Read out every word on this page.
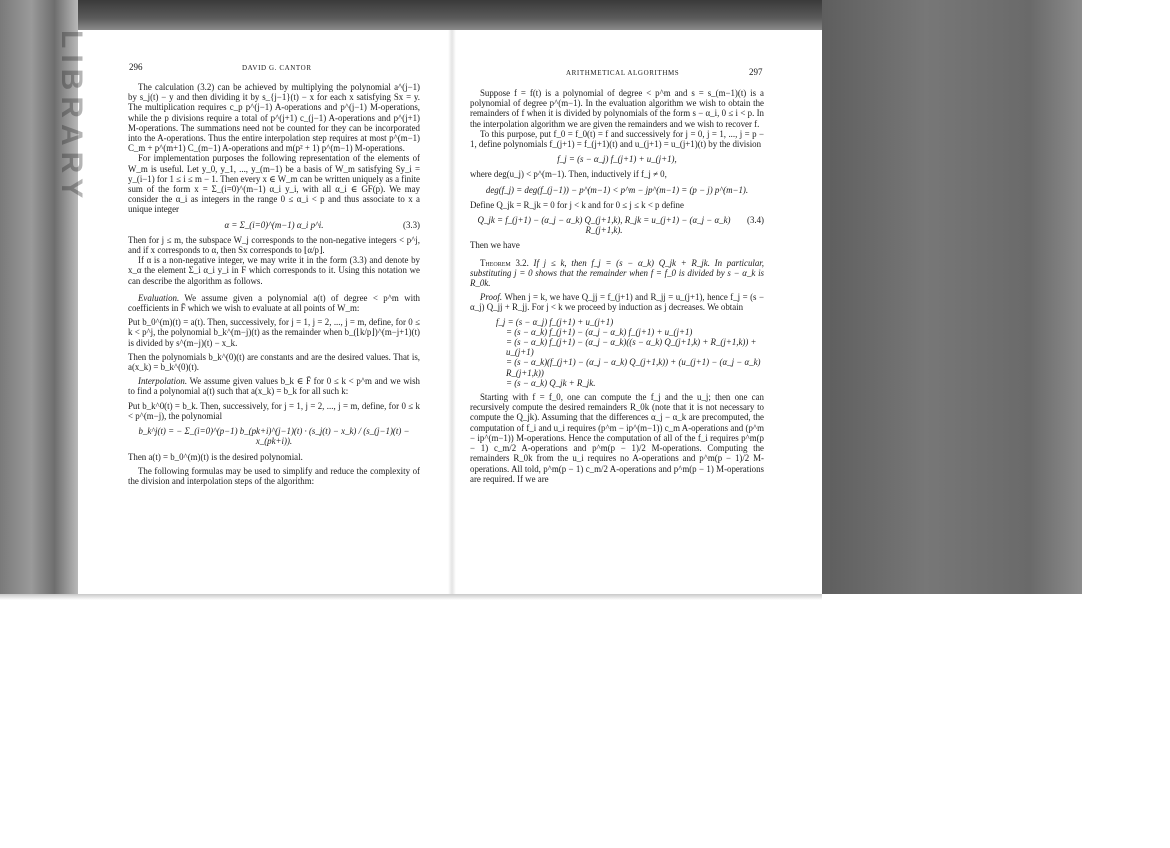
LIBRARY	296	DAVID G. CANTOR

The calculation (3.2) can be achieved by multiplying the polynomial a^(j−1) by s_j(t) − y and then dividing it by s_{j−1}(t) − x for each x satisfying Sx = y. The multiplication requires c_p p^(j−1) A-operations and p^(j−1) M-operations, while the p divisions require a total of p^(j+1) c_(j−1) A-operations and p^(j+1) M-operations. The summations need not be counted for they can be incorporated into the A-operations. Thus the entire interpolation step requires at most p^(m−1) C_m + p^(m+1) C_(m−1) A-operations and m(p² + 1) p^(m−1) M-operations.

For implementation purposes the following representation of the elements of W_m is useful. Let y_0, y_1, ..., y_(m−1) be a basis of W_m satisfying Sy_i = y_(i−1) for 1 ≤ i ≤ m − 1. Then every x ∈ W_m can be written uniquely as a finite sum of the form x = Σ_(i=0)^(m−1) α_i y_i, with all α_i ∈ GF(p). We may consider the α_i as integers in the range 0 ≤ α_i < p and thus associate to x a unique integer

α = Σ_(i=0)^(m−1) α_i p^i.	(3.3)

Then for j ≤ m, the subspace W_j corresponds to the non-negative integers < p^j, and if x corresponds to α, then Sx corresponds to ⌊α/p⌋.

If α is a non-negative integer, we may write it in the form (3.3) and denote by x_α the element Σ_i α_i y_i in F which corresponds to it. Using this notation we can describe the algorithm as follows.

Evaluation. We assume given a polynomial a(t) of degree < p^m with coefficients in F̄ which we wish to evaluate at all points of W_m:

Put b_0^(m)(t) = a(t). Then, successively, for j = 1, j = 2, ..., j = m, define, for 0 ≤ k < p^j, the polynomial b_k^(m−j)(t) as the remainder when b_(⌊k/p⌋)^(m−j+1)(t) is divided by s^(m−j)(t) − x_k.

Then the polynomials b_k^(0)(t) are constants and are the desired values. That is, a(x_k) = b_k^(0)(t).

Interpolation. We assume given values b_k ∈ F̄ for 0 ≤ k < p^m and we wish to find a polynomial a(t) such that a(x_k) = b_k for all such k:

Put b_k^0(t) = b_k. Then, successively, for j = 1, j = 2, ..., j = m, define, for 0 ≤ k < p^(m−j), the polynomial

b_k^j(t) = − Σ_(i=0)^(p−1) b_(pk+i)^(j−1)(t) · (s_j(t) − x_k) / (s_(j−1)(t) − x_(pk+i)).

Then a(t) = b_0^(m)(t) is the desired polynomial.

The following formulas may be used to simplify and reduce the complexity of the division and interpolation steps of the algorithm:

ARITHMETICAL ALGORITHMS	297

Suppose f = f(t) is a polynomial of degree < p^m and s = s_(m−1)(t) is a polynomial of degree p^(m−1). In the evaluation algorithm we wish to obtain the remainders of f when it is divided by polynomials of the form s − α_i, 0 ≤ i < p. In the interpolation algorithm we are given the remainders and we wish to recover f.

To this purpose, put f_0 = f_0(t) = f and successively for j = 0, j = 1, ..., j = p − 1, define polynomials f_(j+1) = f_(j+1)(t) and u_(j+1) = u_(j+1)(t) by the division

f_j = (s − α_j) f_(j+1) + u_(j+1),

where deg(u_j) < p^(m−1). Then, inductively if f_j ≠ 0,

deg(f_j) = deg(f_(j−1)) − p^(m−1) < p^m − jp^(m−1) = (p − j) p^(m−1).

Define Q_jk = R_jk = 0 for j < k and for 0 ≤ j ≤ k < p define

Q_jk = f_(j+1) − (α_j − α_k) Q_(j+1,k), R_jk = u_(j+1) − (α_j − α_k) R_(j+1,k).
(3.4)

Then we have

Theorem 3.2. If j ≤ k, then f_j = (s − α_k) Q_jk + R_jk. In particular, substituting j = 0 shows that the remainder when f = f_0 is divided by s − α_k is R_0k.

Proof. When j = k, we have Q_jj = f_(j+1) and R_jj = u_(j+1), hence f_j = (s − α_j) Q_jj + R_jj. For j < k we proceed by induction as j decreases. We obtain

f_j = (s − α_j) f_(j+1) + u_(j+1)
= (s − α_k) f_(j+1) − (α_j − α_k) f_(j+1) + u_(j+1)
= (s − α_k) f_(j+1) − (α_j − α_k)((s − α_k) Q_(j+1,k) + R_(j+1,k)) + u_(j+1)
= (s − α_k)(f_(j+1) − (α_j − α_k) Q_(j+1,k)) + (u_(j+1) − (α_j − α_k) R_(j+1,k))
= (s − α_k) Q_jk + R_jk.

Starting with f = f_0, one can compute the f_j and the u_j; then one can recursively compute the desired remainders R_0k (note that it is not necessary to compute the Q_jk). Assuming that the differences α_j − α_k are precomputed, the computation of f_i and u_i requires (p^m − ip^(m−1)) c_m A-operations and (p^m − ip^(m−1)) M-operations. Hence the computation of all of the f_i requires p^m(p − 1) c_m/2 A-operations and p^m(p − 1)/2 M-operations. Computing the remainders R_0k from the u_i requires no A-operations and p^m(p − 1)/2 M-operations. All told, p^m(p − 1) c_m/2 A-operations and p^m(p − 1) M-operations are required. If we are
